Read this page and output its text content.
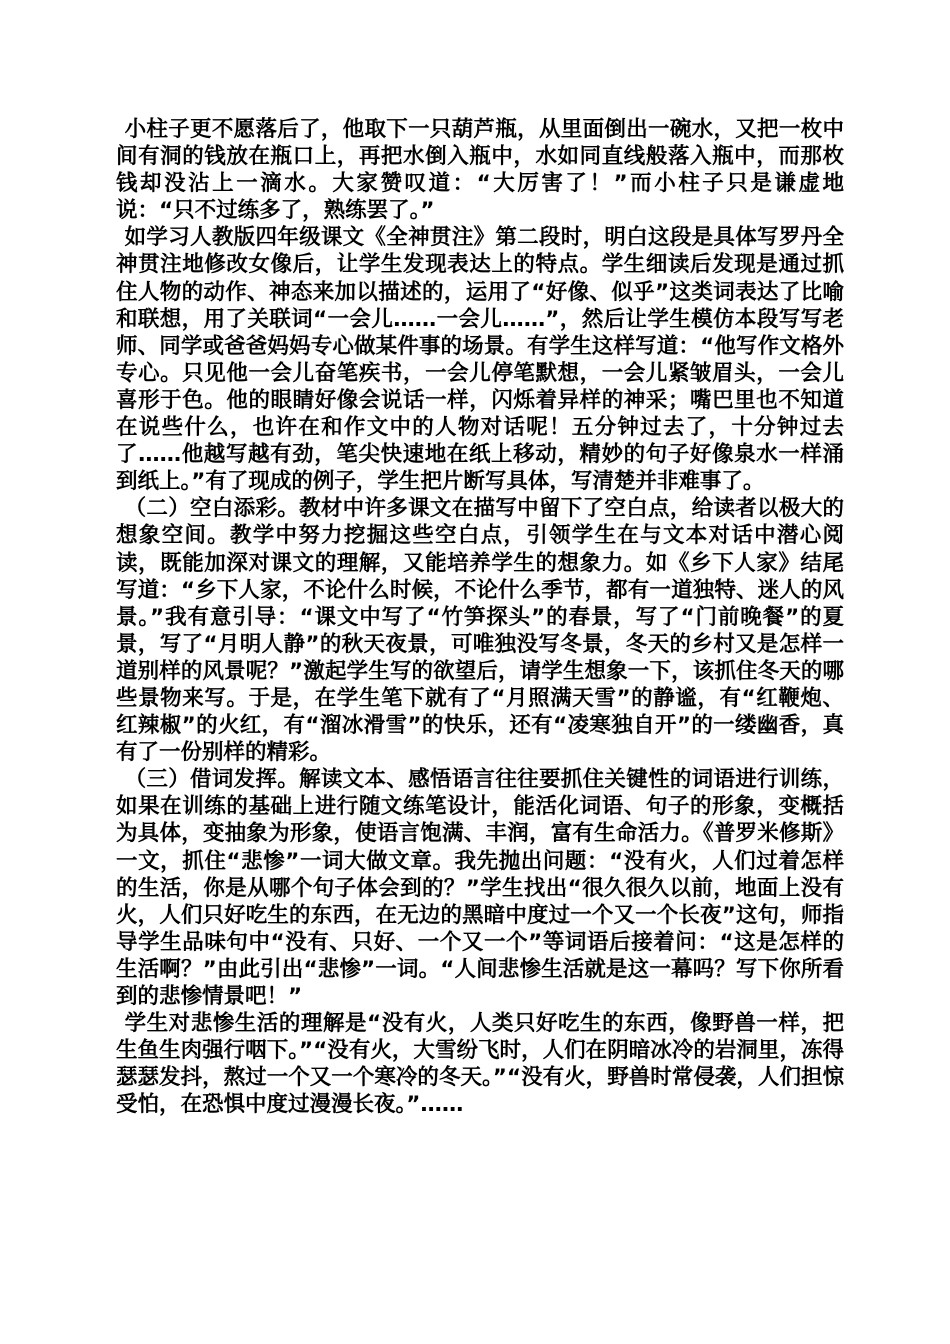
小柱子更不愿落后了，他取下一只葫芦瓶，从里面倒出一碗水，又把一枚中间有洞的钱放在瓶口上，再把水倒入瓶中，水如同直线般落入瓶中，而那枚钱却没沾上一滴水。大家赞叹道：“大厉害了！”而小柱子只是谦虚地说：“只不过练多了，熟练罢了。”

如学习人教版四年级课文《全神贯注》第二段时，明白这段是具体写罗丹全神贯注地修改女像后，让学生发现表达上的特点。学生细读后发现是通过抓住人物的动作、神态来加以描述的，运用了“好像、似乎”这类词表达了比喻和联想，用了关联词“一会儿……一会儿……”，然后让学生模仿本段写写老师、同学或爸爸妈妈专心做某件事的场景。有学生这样写道：“他写作文格外专心。只见他一会儿奋笔疾书，一会儿停笔默想，一会儿紧皱眉头，一会儿喜形于色。他的眼睛好像会说话一样，闪烁着异样的神采；嘴巴里也不知道在说些什么，也许在和作文中的人物对话呢！五分钟过去了，十分钟过去了……他越写越有劲，笔尖快速地在纸上移动，精妙的句子好像泉水一样涌到纸上。”有了现成的例子，学生把片断写具体，写清楚并非难事了。

（二）空白添彩。教材中许多课文在描写中留下了空白点，给读者以极大的想象空间。教学中努力挖掘这些空白点，引领学生在与文本对话中潜心阅读，既能加深对课文的理解，又能培养学生的想象力。如《乡下人家》结尾写道：“乡下人家，不论什么时候，不论什么季节，都有一道独特、迷人的风景。”我有意引导：“课文中写了“竹笋探头”的春景，写了“门前晚餐”的夏景，写了“月明人静”的秋天夜景，可唯独没写冬景，冬天的乡村又是怎样一道别样的风景呢？”激起学生写的欲望后，请学生想象一下，该抓住冬天的哪些景物来写。于是，在学生笔下就有了“月照满天雪”的静谧，有“红鞭炮、红辣椒”的火红，有“溜冰滑雪”的快乐，还有“凌寒独自开”的一缕幽香，真有了一份别样的精彩。

（三）借词发挥。解读文本、感悟语言往往要抓住关键性的词语进行训练，如果在训练的基础上进行随文练笔设计，能活化词语、句子的形象，变概括为具体，变抽象为形象，使语言饱满、丰润，富有生命活力。《普罗米修斯》一文，抓住“悲惨”一词大做文章。我先抛出问题：“没有火，人们过着怎样的生活，你是从哪个句子体会到的？”学生找出“很久很久以前，地面上没有火，人们只好吃生的东西，在无边的黑暗中度过一个又一个长夜”这句，师指导学生品味句中“没有、只好、一个又一个”等词语后接着问：“这是怎样的生活啊？”由此引出“悲惨”一词。“人间悲惨生活就是这一幕吗？写下你所看到的悲惨情景吧！”

学生对悲惨生活的理解是“没有火，人类只好吃生的东西，像野兽一样，把生鱼生肉强行咽下。”“没有火，大雪纷飞时，人们在阴暗冰冷的岩洞里，冻得瑟瑟发抖，熬过一个又一个寒冷的冬天。”“没有火，野兽时常侵袭，人们担惊受怕，在恐惧中度过漫漫长夜。”……
